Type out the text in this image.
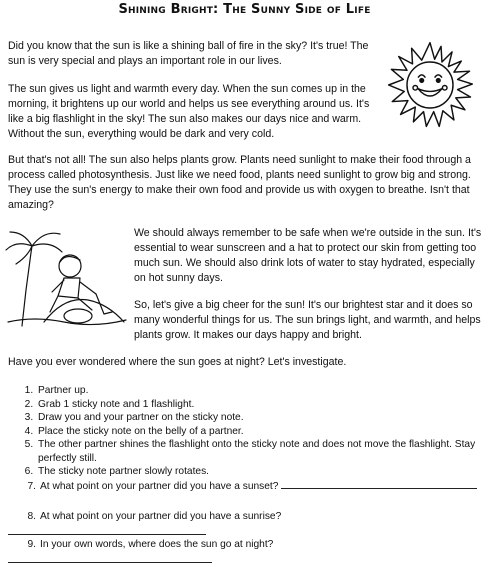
Shining Bright: The Sunny Side of Life

Did you know that the sun is like a shining ball of fire in the sky? It's true! The sun is very special and plays an important role in our lives.

The sun gives us light and warmth every day. When the sun comes up in the morning, it brightens up our world and helps us see everything around us. It's like a big flashlight in the sky! The sun also makes our days nice and warm. Without the sun, everything would be dark and very cold.

But that's not all! The sun also helps plants grow. Plants need sunlight to make their food through a process called photosynthesis. Just like we need food, plants need sunlight to grow big and strong. They use the sun's energy to make their own food and provide us with oxygen to breathe. Isn't that amazing?

We should always remember to be safe when we're outside in the sun. It's essential to wear sunscreen and a hat to protect our skin from getting too much sun. We should also drink lots of water to stay hydrated, especially on hot sunny days.

So, let's give a big cheer for the sun! It's our brightest star and it does so many wonderful things for us. The sun brings light, and warmth, and helps plants grow. It makes our days happy and bright.

Have you ever wondered where the sun goes at night? Let's investigate.

1. Partner up.
2. Grab 1 sticky note and 1 flashlight.
3. Draw you and your partner on the sticky note.
4. Place the sticky note on the belly of a partner.
5. The other partner shines the flashlight onto the sticky note and does not move the flashlight. Stay perfectly still.
6. The sticky note partner slowly rotates.
7. At what point on your partner did you have a sunset?
8. At what point on your partner did you have a sunrise?
9. In your own words, where does the sun go at night?
